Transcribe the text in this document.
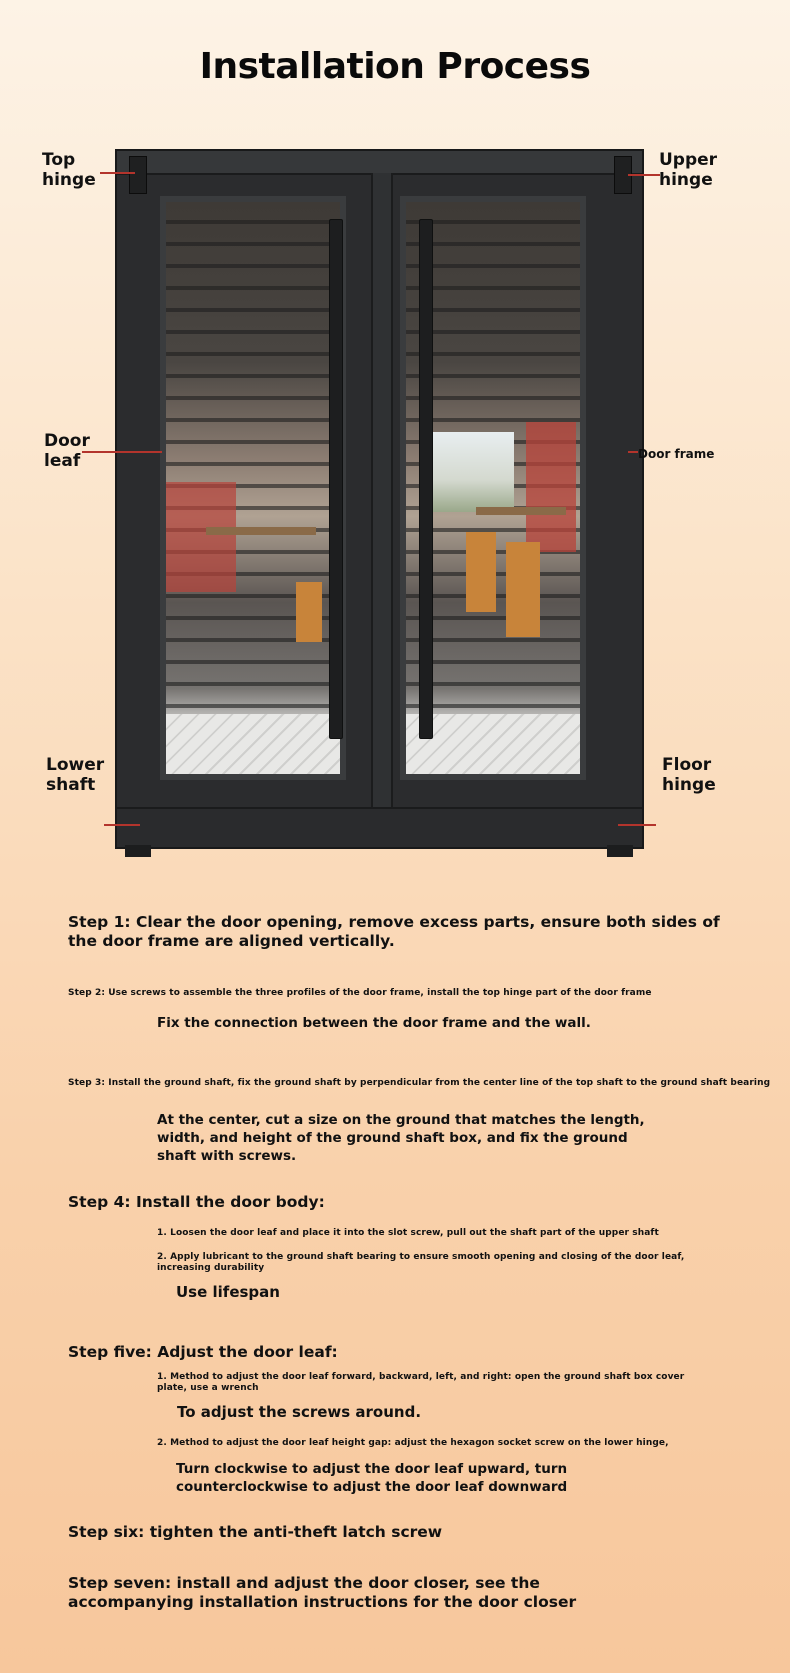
Installation Process
Top
hinge
Upper
hinge
Door
leaf	Door frame
Lower
shaft
Floor
hinge
Step 1: Clear the door opening, remove excess parts, ensure both sides of the door frame are aligned vertically.
Step 2: Use screws to assemble the three profiles of the door frame, install the top hinge part of the door frame
Fix the connection between the door frame and the wall.
Step 3: Install the ground shaft, fix the ground shaft by perpendicular from the center line of the top shaft to the ground shaft bearing
At the center, cut a size on the ground that matches the length, width, and height of the ground shaft box, and fix the ground shaft with screws.
Step 4: Install the door body:
1. Loosen the door leaf and place it into the slot screw, pull out the shaft part of the upper shaft
2. Apply lubricant to the ground shaft bearing to ensure smooth opening and closing of the door leaf, increasing durability
Use lifespan
Step five: Adjust the door leaf:
1. Method to adjust the door leaf forward, backward, left, and right: open the ground shaft box cover plate, use a wrench
To adjust the screws around.
2. Method to adjust the door leaf height gap: adjust the hexagon socket screw on the lower hinge,
Turn clockwise to adjust the door leaf upward, turn counterclockwise to adjust the door leaf downward
Step six: tighten the anti-theft latch screw
Step seven: install and adjust the door closer, see the accompanying installation instructions for the door closer
